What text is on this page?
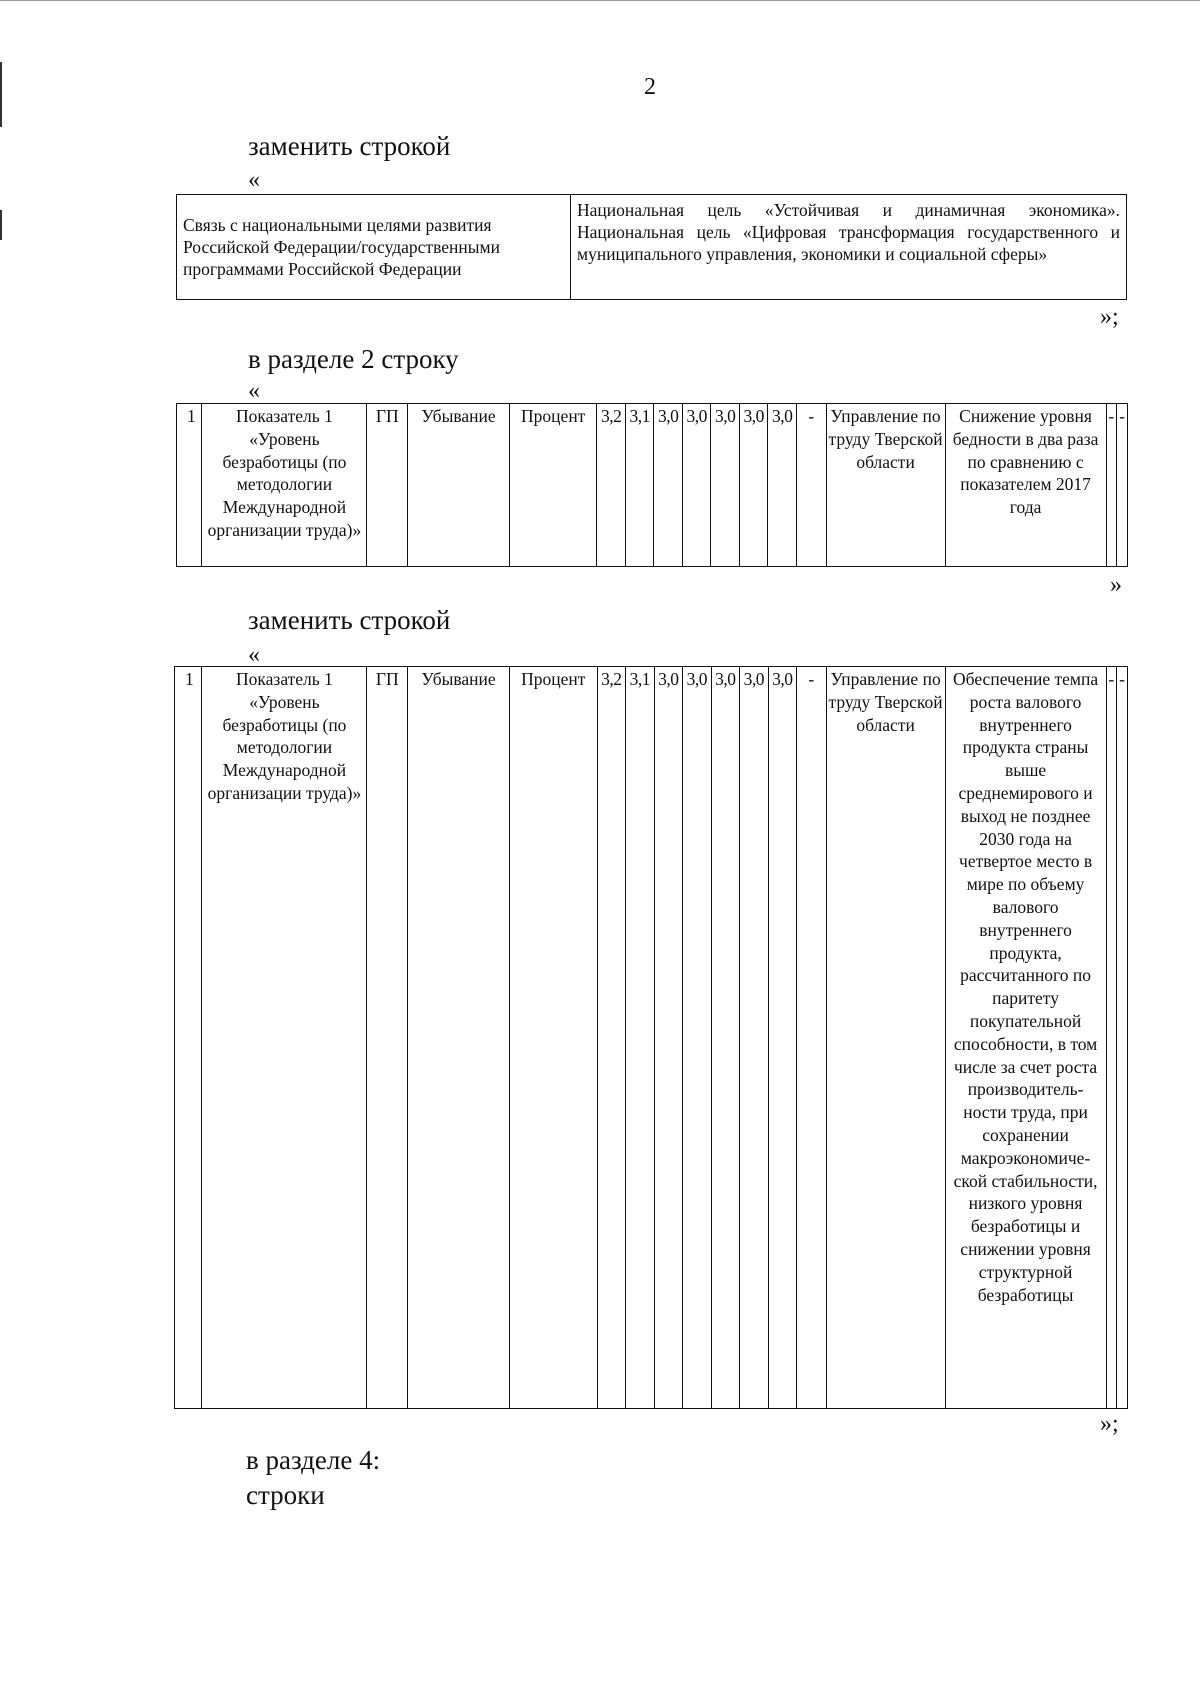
2
заменить строкой
«
Связь с национальными целями развития Российской Федерации/государственными программами Российской Федерации	Национальная цель «Устойчивая и динамичная экономика». Национальная цель «Цифровая трансформация государственного и муниципального управления, экономики и социальной сферы»
»;
в разделе 2 строку
«
1	Показатель 1 «Уровень безработицы (по методологии Международной организации труда)»	ГП	Убывание	Процент	3,2	3,1	3,0	3,0	3,0	3,0	3,0	-	Управление по труду Тверской области	Снижение уровня бедности в два раза по сравнению с показателем 2017 года	-	-
»
заменить строкой
«
1	Показатель 1 «Уровень безработицы (по методологии Международной организации труда)»	ГП	Убывание	Процент	3,2	3,1	3,0	3,0	3,0	3,0	3,0	-	Управление по труду Тверской области	Обеспечение темпа роста валового внутреннего продукта страны выше среднемирового и выход не позднее 2030 года на четвертое место в мире по объему валового внутреннего продукта, рассчитанного по паритету покупательной способности, в том числе за счет роста производитель-ности труда, при сохранении макроэкономиче-ской стабильности, низкого уровня безработицы и снижении уровня структурной безработицы	-	-
»;
в разделе 4:
строки
